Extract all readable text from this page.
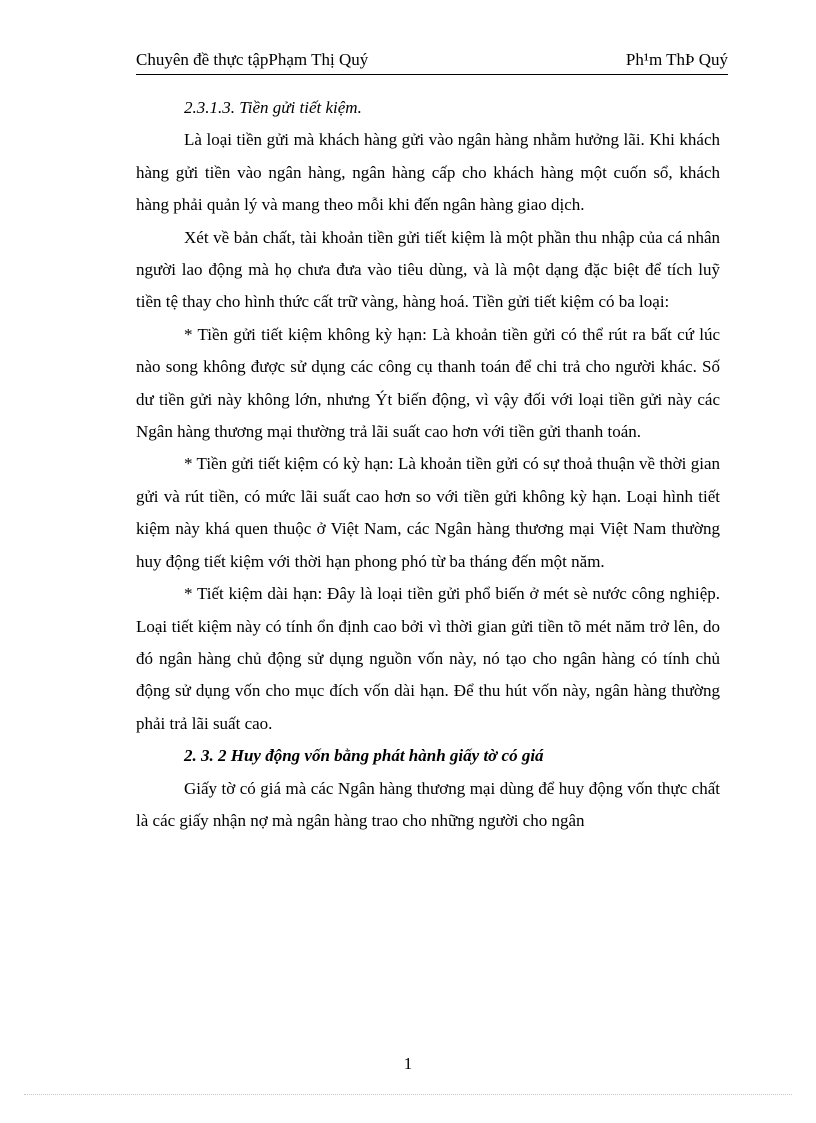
Chuyên đề thực tậpPhạm Thị Quý	Ph¹m ThÞ Quý

2.3.1.3. Tiền gửi tiết kiệm.

Là loại tiền gửi mà khách hàng gửi vào ngân hàng nhằm hưởng lãi. Khi khách hàng gửi tiền vào ngân hàng, ngân hàng cấp cho khách hàng một cuốn sổ, khách hàng phải quản lý và mang theo mỗi khi đến ngân hàng giao dịch.

Xét về bản chất, tài khoản tiền gửi tiết kiệm là một phần thu nhập của cá nhân người lao động mà họ chưa đưa vào tiêu dùng, và là một dạng đặc biệt để tích luỹ tiền tệ thay cho hình thức cất trữ vàng, hàng hoá. Tiền gửi tiết kiệm có ba loại:

* Tiền gửi tiết kiệm không kỳ hạn: Là khoản tiền gửi có thể rút ra bất cứ lúc nào song không được sử dụng các công cụ thanh toán để chi trả cho người khác. Số dư tiền gửi này không lớn, nhưng Ýt biến động, vì vậy đối với loại tiền gửi này các Ngân hàng thương mại thường trả lãi suất cao hơn với tiền gửi thanh toán.

* Tiền gửi tiết kiệm có kỳ hạn: Là khoản tiền gửi có sự thoả thuận về thời gian gửi và rút tiền, có mức lãi suất cao hơn so với tiền gửi không kỳ hạn. Loại hình tiết kiệm này khá quen thuộc ở Việt Nam, các Ngân hàng thương mại Việt Nam thường huy động tiết kiệm với thời hạn phong phó từ ba tháng đến một năm.

* Tiết kiệm dài hạn: Đây là loại tiền gửi phổ biến ở mét sè nước công nghiệp. Loại tiết kiệm này có tính ổn định cao bởi vì thời gian gửi tiền tõ mét năm trở lên, do đó ngân hàng chủ động sử dụng nguồn vốn này, nó tạo cho ngân hàng có tính chủ động sử dụng vốn cho mục đích vốn dài hạn. Để thu hút vốn này, ngân hàng thường phải trả lãi suất cao.

2. 3. 2 Huy động vốn bằng phát hành giấy tờ có giá

Giấy tờ có giá mà các Ngân hàng thương mại dùng để huy động vốn thực chất là các giấy nhận nợ mà ngân hàng trao cho những người cho ngân

1
